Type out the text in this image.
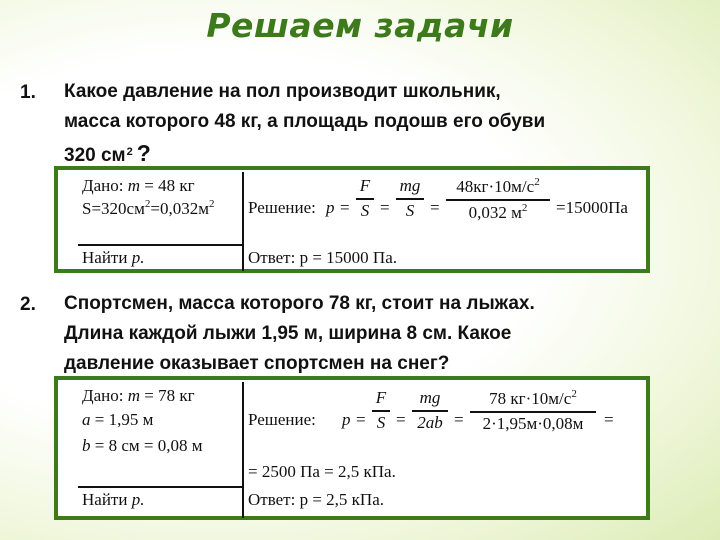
Решаем задачи
1. Какое давление на пол производит школьник,
масса которого 48 кг, а площадь подошв его обуви
320 $см^2$ ?
Дано: m = 48 кг
$S=320см^2=0,032м^2$
Найти p.
Решение: p =
F
S =
mg
S =
$48кг\cdot 10м/с^2$
0,032 $м^2$	=15000Па
Ответ: p = 15000 Па.
2. Спортсмен, масса которого 78 кг, стоит на лыжах.
Длина каждой лыжи 1,95 м, ширина 8 см. Какое
давление оказывает спортсмен на снег?
Дано: m = 78 кг
a = 1,95 м
b = 8 см = 0,08 м
Найти p.
Решение: p =
F
S =
mg
2ab =
78 $кг\cdot 10м/с^2$
2·1,95м·0,08м	=
= 2500 Па = 2,5 кПа.
Ответ: p = 2,5 кПа.
